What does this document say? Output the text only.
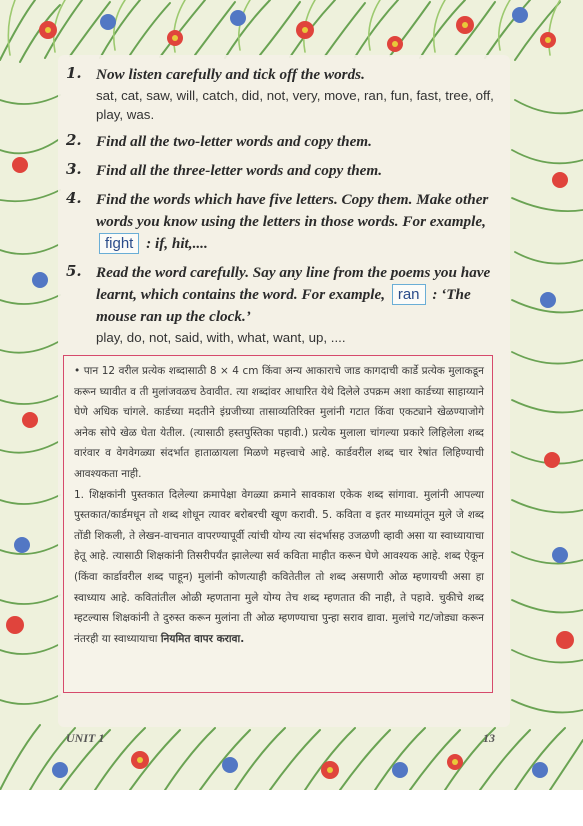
1. Now listen carefully and tick off the words.
sat, cat, saw, will, catch, did, not, very, move, ran, fun, fast, tree, off, play, was.
2. Find all the two-letter words and copy them.
3. Find all the three-letter words and copy them.
4. Find the words which have five letters. Copy them. Make other words you know using the letters in those words. For example, fight : if, hit,....
5. Read the word carefully. Say any line from the poems you have learnt, which contains the word. For example, ran : ‘The mouse ran up the clock.’
play, do, not, said, with, what, want, up, ....

• पान 12 वरील प्रत्येक शब्दासाठी 8 × 4 cm किंवा अन्य आकाराचे जाड कागदाची कार्डे प्रत्येक मुलाकडून करून घ्यावीत व ती मुलांजवळच ठेवावीत. त्या शब्दांवर आधारित येथे दिलेले उपक्रम अशा कार्डच्या साहाय्याने घेणे अधिक चांगले. कार्डच्या मदतीने इंग्रजीच्या तासाव्यतिरिक्त मुलांनी गटात किंवा एकट्याने खेळण्याजोगे अनेक सोपे खेळ घेता येतील. (त्यासाठी हस्तपुस्तिका पहावी.) प्रत्येक मुलाला चांगल्या प्रकारे लिहिलेला शब्द वारंवार व वेगवेगळ्या संदर्भात हाताळायला मिळणे महत्त्वाचे आहे. कार्डवरील शब्द चार रेषांत लिहिण्याची आवश्यकता नाही.

1. शिक्षकांनी पुस्तकात दिलेल्या क्रमापेक्षा वेगळ्या क्रमाने सावकाश एकेक शब्द सांगावा. मुलांनी आपल्या पुस्तकात/कार्डमधून तो शब्द शोधून त्यावर बरोबरची खूण करावी. 5. कविता व इतर माध्यमांतून मुले जे शब्द तोंडी शिकली, ते लेखन-वाचनात वापरण्यापूर्वी त्यांची योग्य त्या संदर्भासह उजळणी व्हावी असा या स्वाध्यायाचा हेतू आहे. त्यासाठी शिक्षकांनी तिसरीपर्यंत झालेल्या सर्व कविता माहीत करून घेणे आवश्यक आहे. शब्द ऐकून (किंवा कार्डावरील शब्द पाहून) मुलांनी कोणत्याही कवितेतील तो शब्द असणारी ओळ म्हणायची असा हा स्वाध्याय आहे. कवितांतील ओळी म्हणताना मुले योग्य तेच शब्द म्हणतात की नाही, ते पहावे. चुकीचे शब्द म्हटल्यास शिक्षकांनी ते दुरुस्त करून मुलांना ती ओळ म्हणण्याचा पुन्हा सराव द्यावा. मुलांचे गट/जोड्या करून नंतरही या स्वाध्यायाचा नियमित वापर करावा.

UNIT 1	13
